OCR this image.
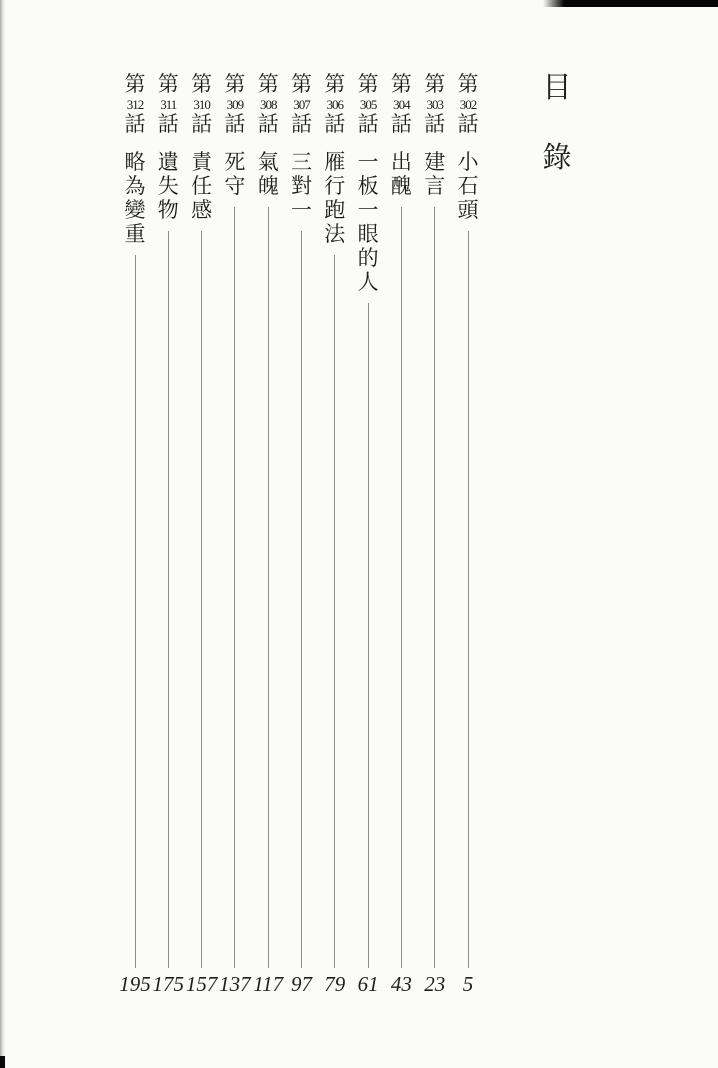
目
錄
第
302
話
小
石
頭
5
第
303
話
建
言
23
第
304
話
出
醜
43
第
305
話
一
板
一
眼
的
人
61
第
306
話
雁
行
跑
法
79
第
307
話
三
對
一
97
第
308
話
氣
魄
117
第
309
話
死
守
137
第
310
話
責
任
感
157
第
311
話
遺
失
物
175
第
312
話
略
為
變
重
195
